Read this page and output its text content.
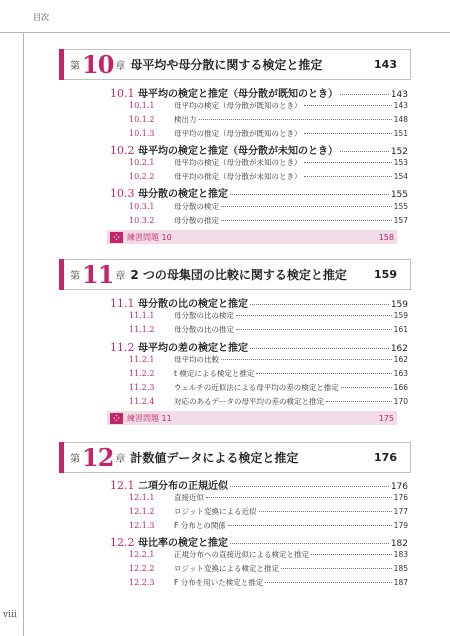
目次
viii
第 10 章 母平均や母分散に関する検定と推定	143
10.1 母平均の検定と推定（母分散が既知のとき）	143
10.1.1	母平均の検定（母分散が既知のとき）	143
10.1.2	検出力	148
10.1.3	母平均の推定（母分散が既知のとき）	151
10.2 母平均の検定と推定（母分散が未知のとき）	152
10.2.1	母平均の検定（母分散が未知のとき）	153
10.2.2	母平均の推定（母分散が未知のとき）	154
10.3 母分散の検定と推定	155
10.3.1	母分散の検定	155
10.3.2	母分散の推定	157
⁘ 練習問題 10	158
第 11 章 2 つの母集団の比較に関する検定と推定 159
11.1 母分散の比の検定と推定	159
11.1.1	母分散の比の検定	159
11.1.2	母分散の比の推定	161
11.2 母平均の差の検定と推定	162
11.2.1	母平均の比較	162
11.2.2	t 検定による検定と推定	163
11.2.3	ウェルチの近似法による母平均の差の検定と推定	166
11.2.4	対応のあるデータの母平均の差の検定と推定	170
⁘ 練習問題 11	175
第 12 章 計数値データによる検定と推定	176
12.1 二項分布の正規近似	176
12.1.1	直接近似	176
12.1.2	ロジット変換による近似	177
12.1.3	F 分布との関係	179
12.2 母比率の検定と推定	182
12.2.1	正規分布への直接近似による検定と推定	183
12.2.2	ロジット変換による検定と推定	185
12.2.3	F 分布を用いた検定と推定	187
